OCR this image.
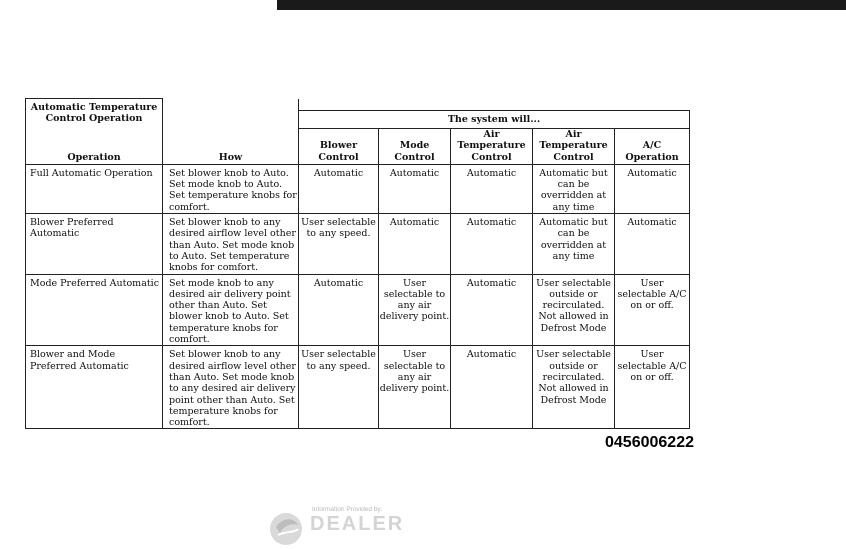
Automatic Temperature Control Operation						
		The system will...				
Operation	How	Blower Control	Mode Control	Air Temperature Control	Air Temperature Control	A/C Operation
Full Automatic Operation	Set blower knob to Auto. Set mode knob to Auto. Set temperature knobs for comfort.	Automatic	Automatic	Automatic	Automatic but can be overridden at any time	Automatic
Blower Preferred Automatic	Set blower knob to any desired airflow level other than Auto. Set mode knob to Auto. Set temperature knobs for comfort.	User selectable to any speed.	Automatic	Automatic	Automatic but can be overridden at any time	Automatic
Mode Preferred Automatic	Set mode knob to any desired air delivery point other than Auto. Set blower knob to Auto. Set temperature knobs for comfort.	Automatic	User selectable to any air delivery point.	Automatic	User selectable outside or recirculated. Not allowed in Defrost Mode	User selectable A/C on or off.
Blower and Mode Preferred Automatic	Set blower knob to any desired airflow level other than Auto. Set mode knob to any desired air delivery point other than Auto. Set temperature knobs for comfort.	User selectable to any speed.	User selectable to any air delivery point.	Automatic	User selectable outside or recirculated. Not allowed in Defrost Mode	User selectable A/C on or off.
0456006222
Information Provided by:
DEALER
